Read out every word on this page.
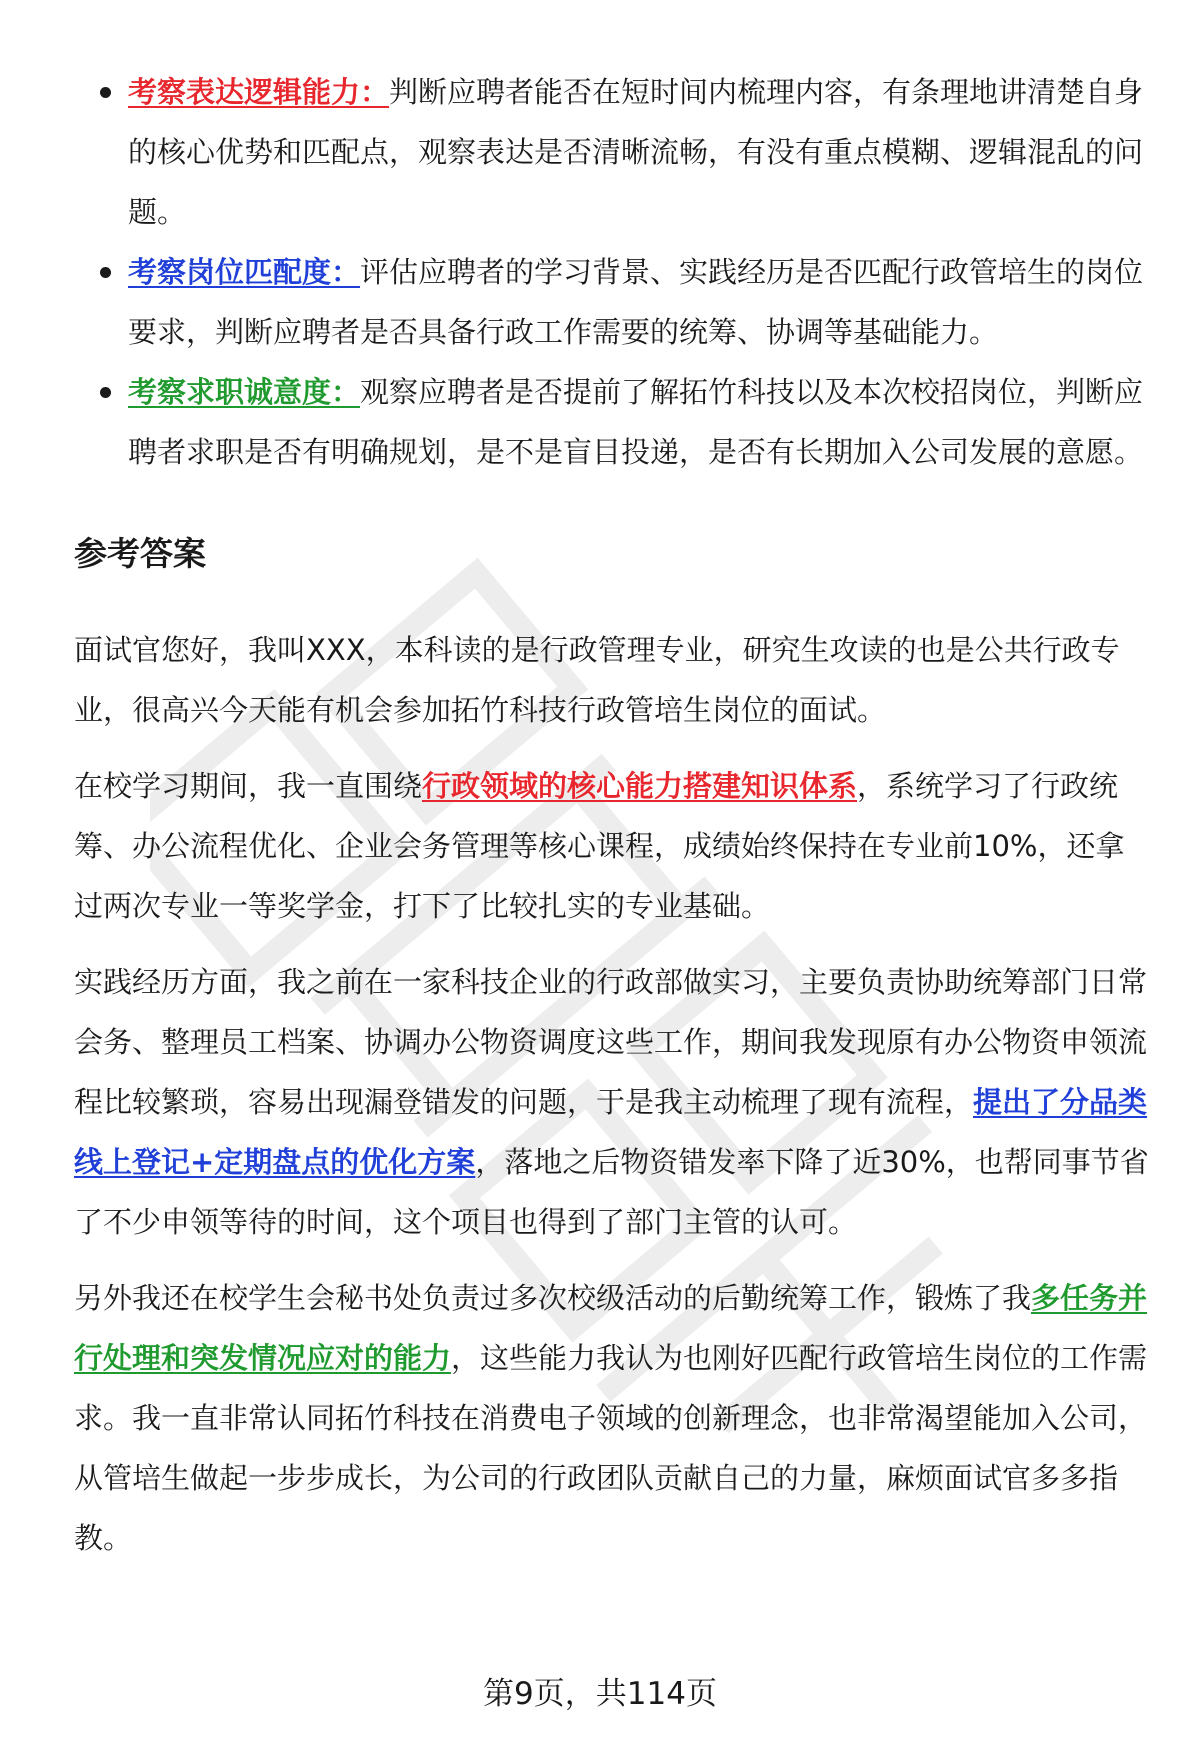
考察表达逻辑能力：判断应聘者能否在短时间内梳理内容，有条理地讲清楚自身的核心优势和匹配点，观察表达是否清晰流畅，有没有重点模糊、逻辑混乱的问题。
考察岗位匹配度：评估应聘者的学习背景、实践经历是否匹配行政管培生的岗位要求，判断应聘者是否具备行政工作需要的统筹、协调等基础能力。
考察求职诚意度：观察应聘者是否提前了解拓竹科技以及本次校招岗位，判断应聘者求职是否有明确规划，是不是盲目投递，是否有长期加入公司发展的意愿。
参考答案

面试官您好，我叫XXX，本科读的是行政管理专业，研究生攻读的也是公共行政专业，很高兴今天能有机会参加拓竹科技行政管培生岗位的面试。

在校学习期间，我一直围绕行政领域的核心能力搭建知识体系，系统学习了行政统筹、办公流程优化、企业会务管理等核心课程，成绩始终保持在专业前10%，还拿过两次专业一等奖学金，打下了比较扎实的专业基础。

实践经历方面，我之前在一家科技企业的行政部做实习，主要负责协助统筹部门日常会务、整理员工档案、协调办公物资调度这些工作，期间我发现原有办公物资申领流程比较繁琐，容易出现漏登错发的问题，于是我主动梳理了现有流程，提出了分品类线上登记+定期盘点的优化方案，落地之后物资错发率下降了近30%，也帮同事节省了不少申领等待的时间，这个项目也得到了部门主管的认可。

另外我还在校学生会秘书处负责过多次校级活动的后勤统筹工作，锻炼了我多任务并行处理和突发情况应对的能力，这些能力我认为也刚好匹配行政管培生岗位的工作需求。我一直非常认同拓竹科技在消费电子领域的创新理念，也非常渴望能加入公司，从管培生做起一步步成长，为公司的行政团队贡献自己的力量，麻烦面试官多多指教。

第9页，共114页
